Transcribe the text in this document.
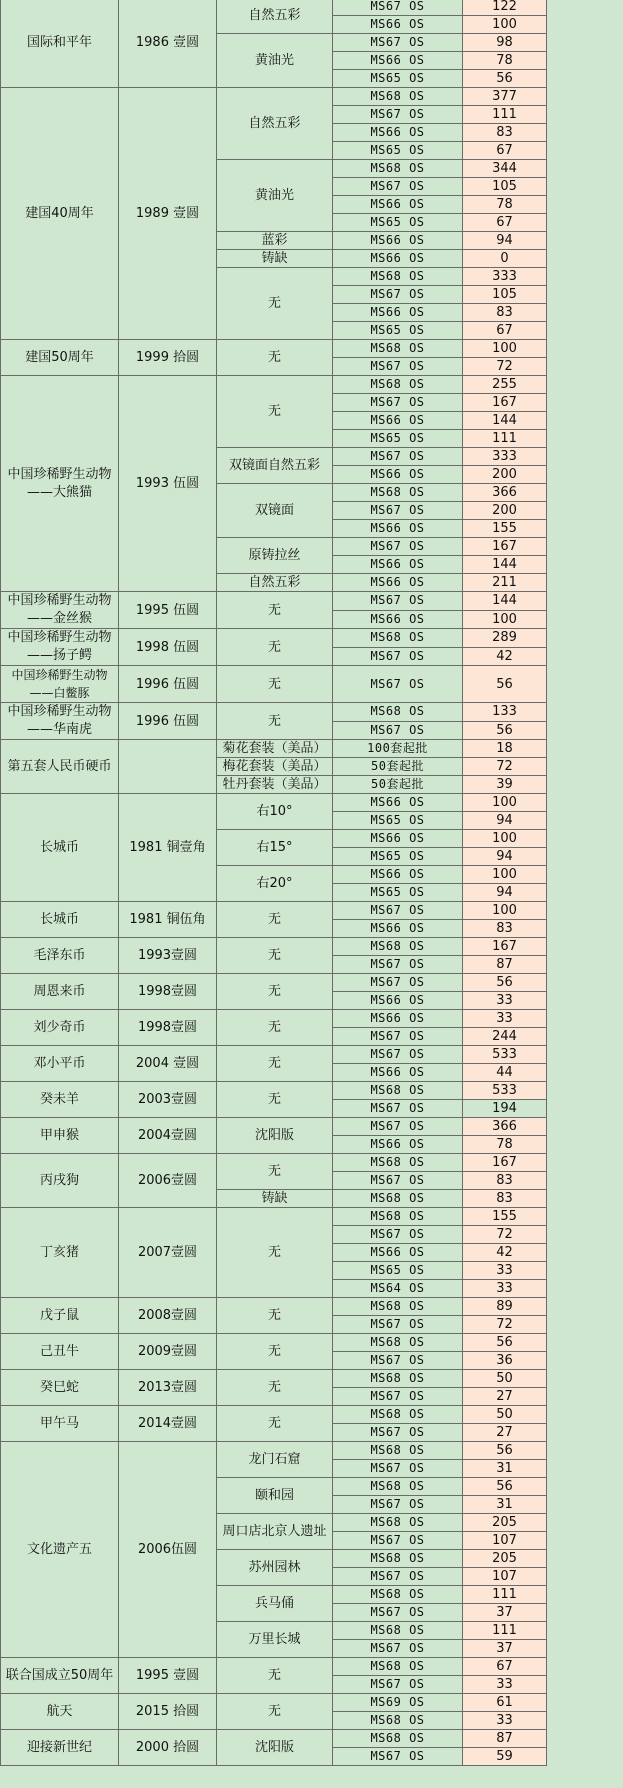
国际和平年	1986 壹圆	自然五彩	MS67 OS	122	
			MS66 OS	100	
		黄油光	MS67 OS	98	
			MS66 OS	78	
			MS65 OS	56	
建国40周年	1989 壹圆	自然五彩	MS68 OS	377	
			MS67 OS	111	
			MS66 OS	83	
			MS65 OS	67	
		黄油光	MS68 OS	344	
			MS67 OS	105	
			MS66 OS	78	
			MS65 OS	67	
		蓝彩	MS66 OS	94	
		铸缺	MS66 OS	0	
		无	MS68 OS	333	
			MS67 OS	105	
			MS66 OS	83	
			MS65 OS	67	
建国50周年	1999 拾圆	无	MS68 OS	100	
			MS67 OS	72	
中国珍稀野生动物——大熊猫	1993 伍圆	无	MS68 OS	255	
			MS67 OS	167	
			MS66 OS	144	
			MS65 OS	111	
		双镜面自然五彩	MS67 OS	333	
			MS66 OS	200	
		双镜面	MS68 OS	366	
			MS67 OS	200	
			MS66 OS	155	
		原铸拉丝	MS67 OS	167	
			MS66 OS	144	
		自然五彩	MS66 OS	211	
中国珍稀野生动物——金丝猴	1995 伍圆	无	MS67 OS	144	
			MS66 OS	100	
中国珍稀野生动物——扬子鳄	1998 伍圆	无	MS68 OS	289	
			MS67 OS	42	
中国珍稀野生动物——白鳖豚	1996 伍圆	无	MS67 OS	56	

中国珍稀野生动物——华南虎	1996 伍圆	无	MS68 OS	133	
			MS67 OS	56	
第五套人民币硬币		菊花套装（美品）	100套起批	18	
		梅花套装（美品）	50套起批	72	
		牡丹套装（美品）	50套起批	39	
长城币	1981 铜壹角	右10°	MS66 OS	100	
			MS65 OS	94	
		右15°	MS66 OS	100	
			MS65 OS	94	
		右20°	MS66 OS	100	
			MS65 OS	94	
长城币	1981 铜伍角	无	MS67 OS	100	
			MS66 OS	83	
毛泽东币	1993壹圆	无	MS68 OS	167	
			MS67 OS	87	
周恩来币	1998壹圆	无	MS67 OS	56	
			MS66 OS	33	
刘少奇币	1998壹圆	无	MS66 OS	33	
			MS67 OS	244	
邓小平币	2004 壹圆	无	MS67 OS	533	
			MS66 OS	44	
癸未羊	2003壹圆	无	MS68 OS	533	
			MS67 OS	194	
甲申猴	2004壹圆	沈阳版	MS67 OS	366	
			MS66 OS	78	
丙戌狗	2006壹圆	无	MS68 OS	167	
			MS67 OS	83	
		铸缺	MS68 OS	83	
丁亥猪	2007壹圆	无	MS68 OS	155	
			MS67 OS	72	
			MS66 OS	42	
			MS65 OS	33	
			MS64 OS	33	
戊子鼠	2008壹圆	无	MS68 OS	89	
			MS67 OS	72	
己丑牛	2009壹圆	无	MS68 OS	56	
			MS67 OS	36	
癸巳蛇	2013壹圆	无	MS68 OS	50	
			MS67 OS	27	
甲午马	2014壹圆	无	MS68 OS	50	
			MS67 OS	27	
文化遗产五	2006伍圆	龙门石窟	MS68 OS	56	
			MS67 OS	31	
		颐和园	MS68 OS	56	
			MS67 OS	31	
		周口店北京人遗址	MS68 OS	205	
			MS67 OS	107	
		苏州园林	MS68 OS	205	
			MS67 OS	107	
		兵马俑	MS68 OS	111	
			MS67 OS	37	
		万里长城	MS68 OS	111	
			MS67 OS	37	
联合国成立50周年	1995 壹圆	无	MS68 OS	67	
			MS67 OS	33	
航天	2015 拾圆	无	MS69 OS	61	
			MS68 OS	33	
迎接新世纪	2000 拾圆	沈阳版	MS68 OS	87	
			MS67 OS	59	
